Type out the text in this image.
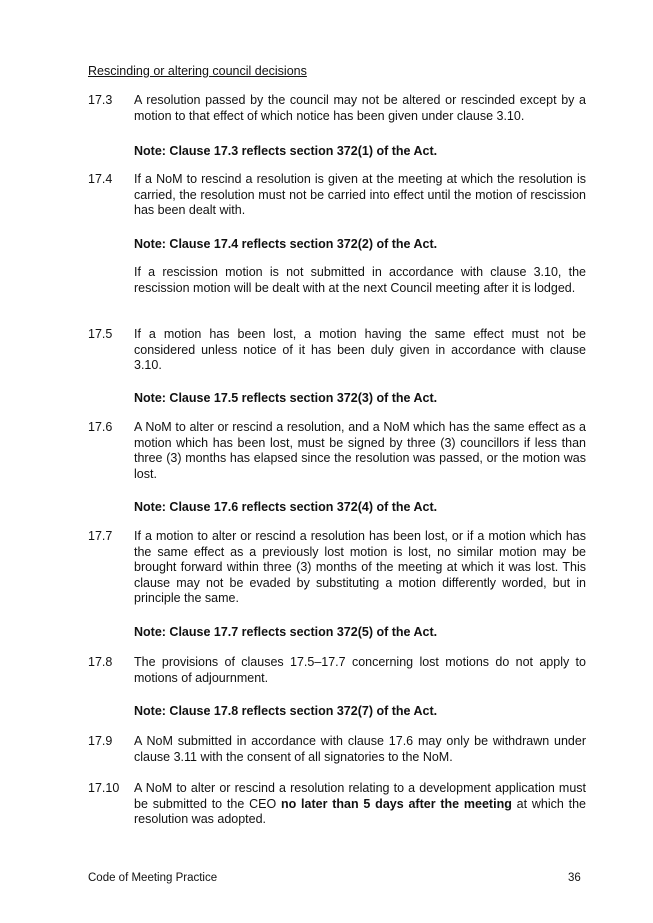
Rescinding or altering council decisions
17.3	A resolution passed by the council may not be altered or rescinded except by a motion to that effect of which notice has been given under clause 3.10.
Note: Clause 17.3 reflects section 372(1) of the Act.
17.4	If a NoM to rescind a resolution is given at the meeting at which the resolution is carried, the resolution must not be carried into effect until the motion of rescission has been dealt with.
Note: Clause 17.4 reflects section 372(2) of the Act.
If a rescission motion is not submitted in accordance with clause 3.10, the rescission motion will be dealt with at the next Council meeting after it is lodged.
17.5	If a motion has been lost, a motion having the same effect must not be considered unless notice of it has been duly given in accordance with clause 3.10.
Note: Clause 17.5 reflects section 372(3) of the Act.
17.6	A NoM to alter or rescind a resolution, and a NoM which has the same effect as a motion which has been lost, must be signed by three (3) councillors if less than three (3) months has elapsed since the resolution was passed, or the motion was lost.
Note: Clause 17.6 reflects section 372(4) of the Act.
17.7	If a motion to alter or rescind a resolution has been lost, or if a motion which has the same effect as a previously lost motion is lost, no similar motion may be brought forward within three (3) months of the meeting at which it was lost. This clause may not be evaded by substituting a motion differently worded, but in principle the same.
Note: Clause 17.7 reflects section 372(5) of the Act.
17.8	The provisions of clauses 17.5–17.7 concerning lost motions do not apply to motions of adjournment.
Note: Clause 17.8 reflects section 372(7) of the Act.
17.9	A NoM submitted in accordance with clause 17.6 may only be withdrawn under clause 3.11 with the consent of all signatories to the NoM.
17.10	A NoM to alter or rescind a resolution relating to a development application must be submitted to the CEO no later than 5 days after the meeting at which the resolution was adopted.
Code of Meeting Practice	36
